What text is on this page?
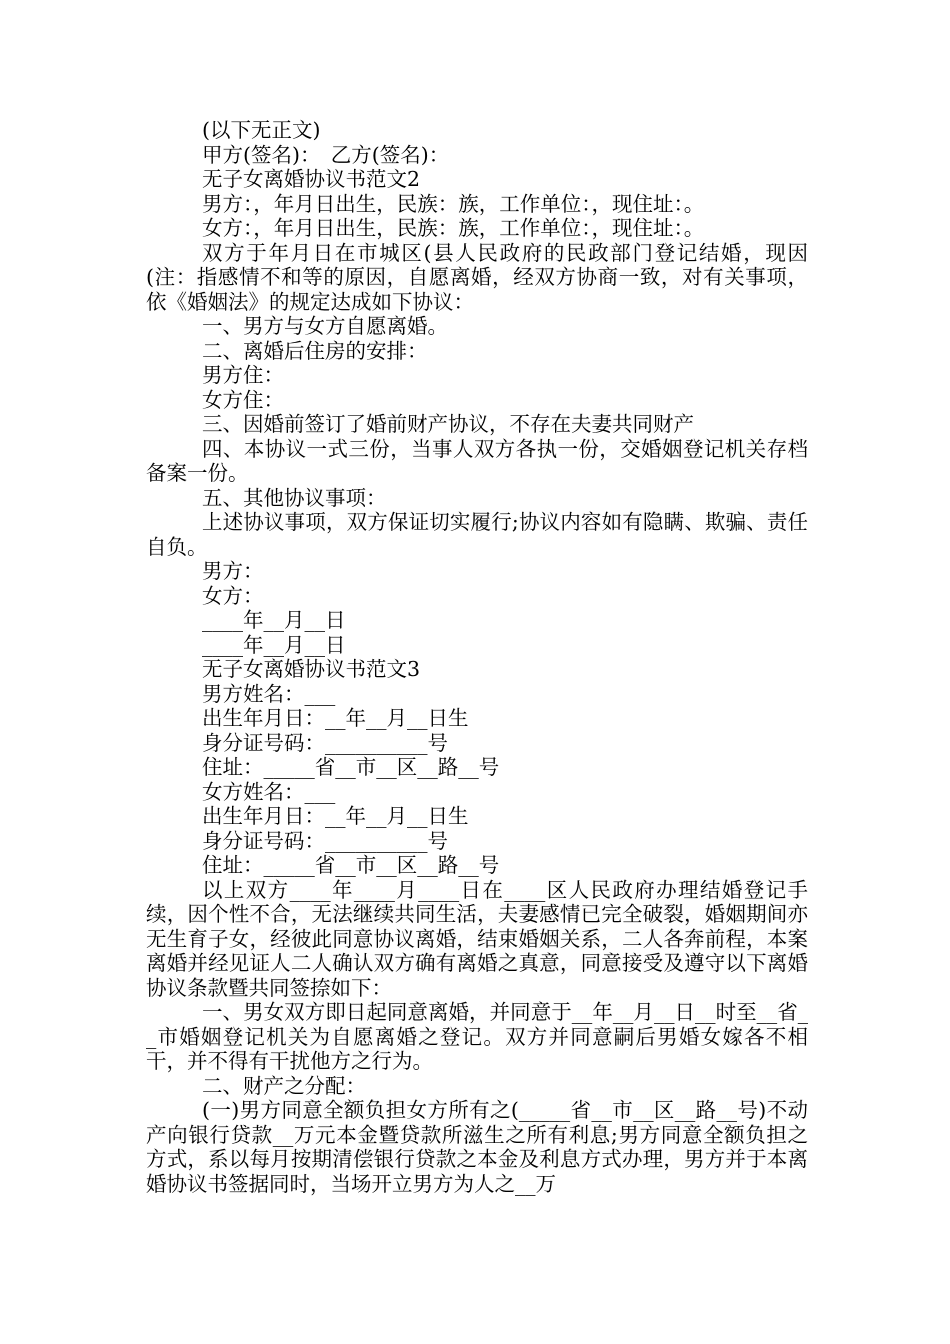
(以下无正文)
甲方(签名)：　乙方(签名)：
无子女离婚协议书范文2
男方：，年月日出生，民族：族，工作单位：，现住址：。
女方：，年月日出生，民族：族，工作单位：，现住址：。
双方于年月日在市城区(县人民政府的民政部门登记结婚，现因(注：指感情不和等的原因，自愿离婚，经双方协商一致，对有关事项，依《婚姻法》的规定达成如下协议：
一、男方与女方自愿离婚。
二、离婚后住房的安排：
男方住：
女方住：
三、因婚前签订了婚前财产协议，不存在夫妻共同财产
四、本协议一式三份，当事人双方各执一份，交婚姻登记机关存档备案一份。
五、其他协议事项：
上述协议事项，双方保证切实履行;协议内容如有隐瞒、欺骗、责任自负。
男方：
女方：
____年__月__日
____年__月__日
无子女离婚协议书范文3
男方姓名：___
出生年月日：__年__月__日生
身分证号码：__________号
住址：_____省__市__区__路__号
女方姓名：___
出生年月日：__年__月__日生
身分证号码：__________号
住址：_____省__市__区__路__号
以上双方____年____月____日在____区人民政府办理结婚登记手续，因个性不合，无法继续共同生活，夫妻感情已完全破裂，婚姻期间亦无生育子女，经彼此同意协议离婚，结束婚姻关系，二人各奔前程，本案离婚并经见证人二人确认双方确有离婚之真意，同意接受及遵守以下离婚协议条款暨共同签捺如下：
一、男女双方即日起同意离婚，并同意于__年__月__日__时至__省__市婚姻登记机关为自愿离婚之登记。双方并同意嗣后男婚女嫁各不相干，并不得有干扰他方之行为。
二、财产之分配：
(一)男方同意全额负担女方所有之(_____省__市__区__路__号)不动产向银行贷款__万元本金暨贷款所滋生之所有利息;男方同意全额负担之方式，系以每月按期清偿银行贷款之本金及利息方式办理，男方并于本离婚协议书签据同时，当场开立男方为人之__万
